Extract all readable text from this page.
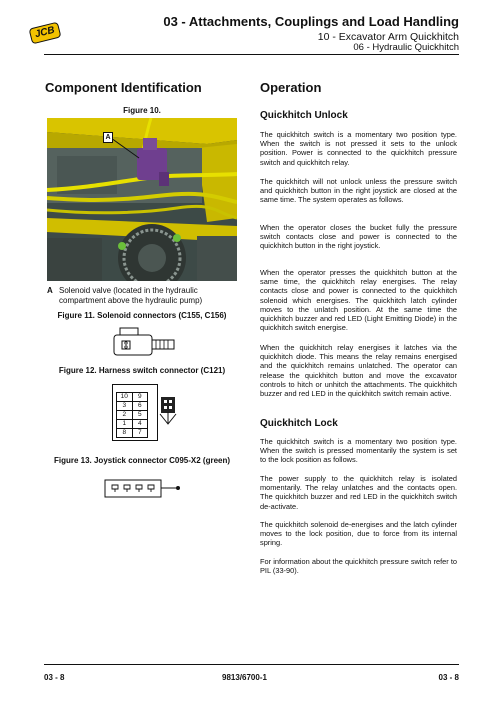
JCB
03 - Attachments, Couplings and Load Handling
10 - Excavator Arm Quickhitch
06 - Hydraulic Quickhitch
Component Identification
Figure 10.
A
A Solenoid valve (located in the hydraulic compartment above the hydraulic pump)
Figure 11. Solenoid connectors (C155, C156)
Figure 12. Harness switch connector (C121)
10	9
3	6
2	5
1	4
8	7
Figure 13. Joystick connector C095-X2 (green)
Operation
Quickhitch Unlock

The quickhitch switch is a momentary two position type. When the switch is not pressed it sets to the unlock position. Power is connected to the quickhitch pressure switch and quickhitch relay.

The quickhitch will not unlock unless the pressure switch and quickhitch button in the right joystick are closed at the same time. The system operates as follows.

When the operator closes the bucket fully the pressure switch contacts close and power is connected to the quickhitch button in the right joystick.

When the operator presses the quickhitch button at the same time, the quickhitch relay energises. The relay contacts close and power is connected to the quickhitch solenoid which energises. The quickhitch latch cylinder moves to the unlatch position. At the same time the quickhitch buzzer and red LED (Light Emitting Diode) in the quickhitch switch energise.

When the quickhitch relay energises it latches via the quickhitch diode. This means the relay remains energised and the quickhitch remains unlatched. The operator can release the quickhitch button and move the excavator controls to hitch or unhitch the attachments. The quickhitch buzzer and red LED in the quickhitch switch remain active.

Quickhitch Lock

The quickhitch switch is a momentary two position type. When the switch is pressed momentarily the system is set to the lock position as follows.

The power supply to the quickhitch relay is isolated momentarily. The relay unlatches and the contacts open. The quickhitch buzzer and red LED in the quickhitch switch de-activate.

The quickhitch solenoid de-energises and the latch cylinder moves to the lock position, due to force from its internal spring.

For information about the quickhitch pressure switch refer to PIL (33-90).

03 - 8	9813/6700-1	03 - 8
